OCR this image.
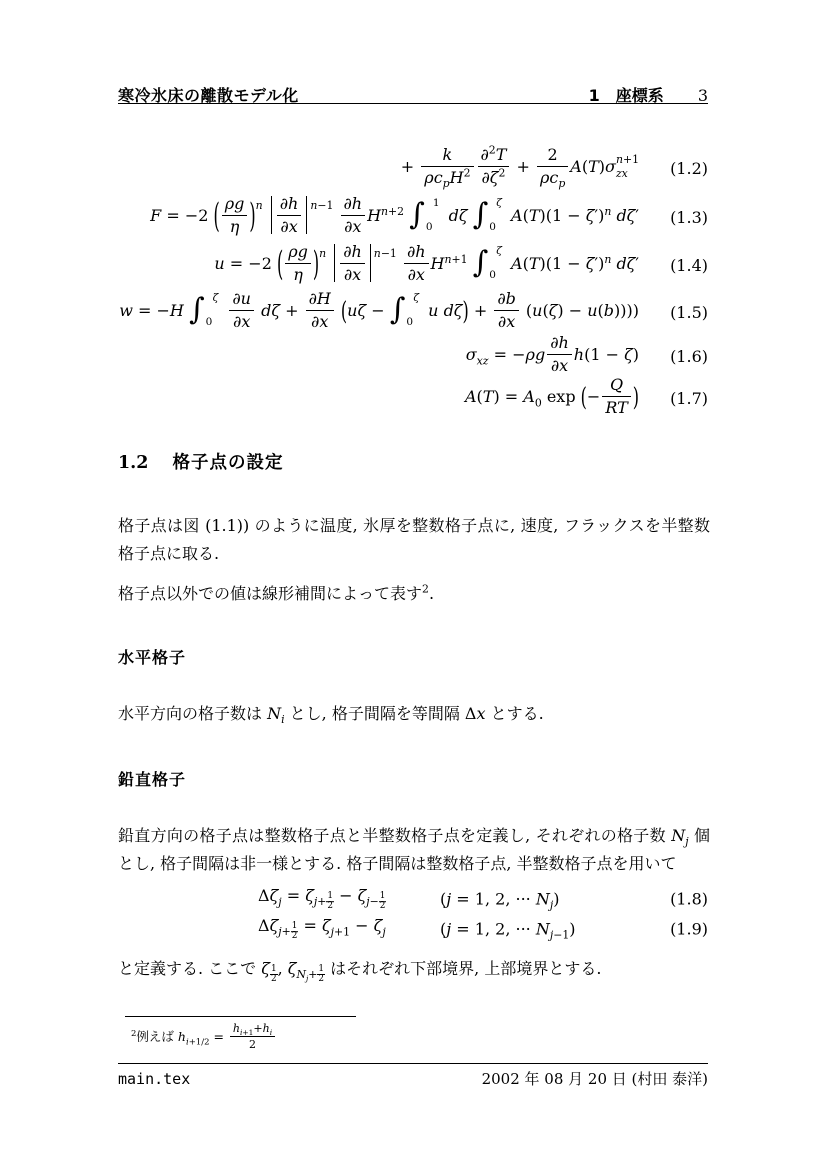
寒冷氷床の離散モデル化	1　座標系 3
+
k
$\rho c_pH^2 \frac{\partial^2T}{\partial\zeta^2}$ +
2
$\rho c_p$
A(T)σ n+1
zx	(1.2)
F = −2 ( $\frac{\rho g}{\eta} )^n \frac{\partial h}{\partial x} ^{n-1} \frac{\partial h}{\partial x} H^{n+2}$ ∫ 1
0
dζ ∫ ζ
0
$A(T)(1 - \zeta')^n$ dζ′	(1.3)
u = −2 ( $\frac{\rho g}{\eta} )^n \frac{\partial h}{\partial x} ^{n-1} \frac{\partial h}{\partial x} H^{n+1}$ ∫ ζ
0
$A(T)(1 - \zeta')^n$ dζ′	(1.4)
w = −H ∫ ζ
0
$\frac{\partial u}{\partial x}$ $d\zeta + \frac{\partial H}{\partial x} (u\zeta$ − ∫ ζ
0
u $d\zeta) + \frac{\partial b}{\partial x} (u(\zeta) - u(b))$))	(1.5)
$\sigma_{xz} = -\rho g \frac{\partial h}{\partial x} h(1 - \zeta)$	(1.6)
$A(T) = A_0$ exp (− $\frac{Q}{RT}$ )	(1.7)
1.2 格子点の設定
格子点は図 (1.1)) のように温度, 氷厚を整数格子点に, 速度, フラックスを半整数格子点に取る.
格子点以外での値は線形補間によって表す$^2$.
水平格子
水平方向の格子数は $N_i$ とし, 格子間隔を等間隔 Δx とする.
鉛直格子
鉛直方向の格子点は整数格子点と半整数格子点を定義し, それぞれの格子数 $N_j$ 個とし, 格子間隔は非一様とする. 格子間隔は整数格子点, 半整数格子点を用いて
$\Delta\zeta_j = \zeta_{j+ \frac{1}{2}} - \zeta_{j- \frac{1}{2}}$	(j = 1, 2, ··· $N_j$)	(1.8)
$\Delta\zeta_{j+ \frac{1}{2}} = \zeta_{j+1} - \zeta_j$	(j = 1, 2, ··· $N_{j-1}$)	(1.9)
と定義する. ここで ζ $_{\frac{1}{2}}$ , $\zeta_{N_j+ \frac{1}{2}}$ はそれぞれ下部境界, 上部境界とする.
$^2$例えば $h_{i+1/2} = \frac{h_{i+1}+h_i}{2}$
main.tex	2002 年 08 月 20 日 (村田 泰洋)
